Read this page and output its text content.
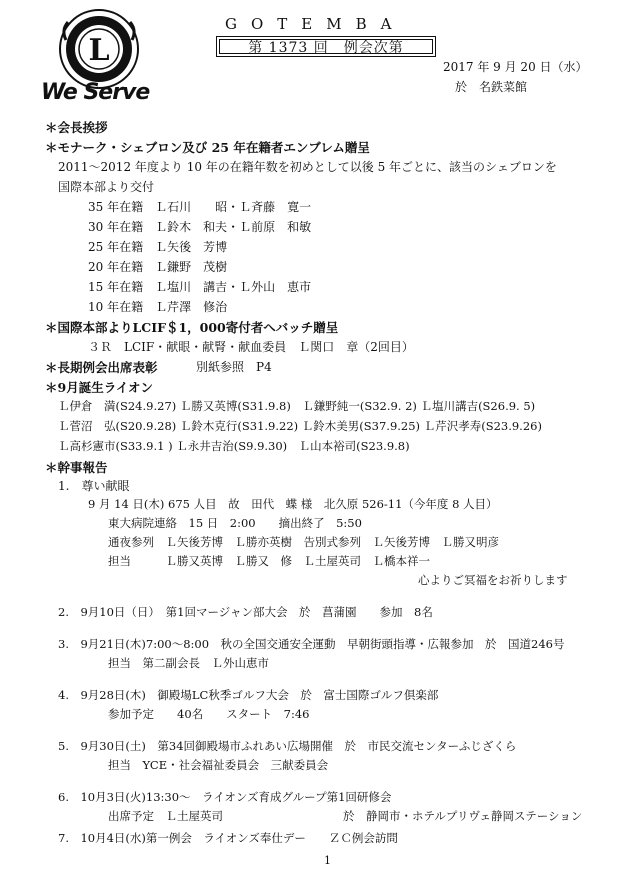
L
We Serve
GOTEMBA
第 1373 回　例会次第
2017 年 9 月 20 日（水）
於　名鉄菜館
＊会長挨拶
＊モナーク・シェブロン及び 25 年在籍者エンブレム贈呈
2011～2012 年度より 10 年の在籍年数を初めとして以後 5 年ごとに、該当のシェブロンを
国際本部より交付
35 年在籍　Ｌ石川　　昭・Ｌ斉藤　寛一
30 年在籍　Ｌ鈴木　和夫・Ｌ前原　和敏
25 年在籍　Ｌ矢後　芳博
20 年在籍　Ｌ鎌野　茂樹
15 年在籍　Ｌ塩川　講吉・Ｌ外山　恵市
10 年在籍　Ｌ芹澤　修治
＊国際本部よりLCIF＄1，000寄付者へバッチ贈呈
３Ｒ　LCIF・献眼・献腎・献血委員　Ｌ関口　章（2回目）
＊長期例会出席表彰	別紙参照　P4
＊9月誕生ライオン
Ｌ伊倉　満(S24.9.27) Ｌ勝又英博(S31.9.8)　Ｌ鎌野純一(S32.9. 2) Ｌ塩川講吉(S26.9. 5)
Ｌ菅沼　弘(S20.9.28) Ｌ鈴木克行(S31.9.22) Ｌ鈴木美男(S37.9.25) Ｌ芹沢孝寿(S23.9.26)
Ｌ高杉憲市(S33.9.1 ) Ｌ永井吉治(S9.9.30)　Ｌ山本裕司(S23.9.8)
＊幹事報告
1.　尊い献眼
9 月 14 日(木) 675 人目　故　田代　蝶 様　北久原 526-11（今年度 8 人目）
東大病院連絡　15 日　2:00　　摘出終了　5:50
通夜参列　Ｌ矢後芳博　Ｌ勝亦英樹　告別式参列　Ｌ矢後芳博　Ｌ勝又明彦
担当　　　Ｌ勝又英博　Ｌ勝又　修　Ｌ土屋英司　Ｌ橋本祥一
心よりご冥福をお祈りします
2.　9月10日（日）　第1回マージャン部大会　於　菖蒲園　　参加　8名
3.　9月21日(木)7:00～8:00　秋の全国交通安全運動　早朝街頭指導・広報参加　於　国道246号
担当　第二副会長　Ｌ外山恵市
4.　9月28日(木)　御殿場LC秋季ゴルフ大会　於　富士国際ゴルフ倶楽部
参加予定　　40名　　スタート　7:46
5.　9月30日(土)　第34回御殿場市ふれあい広場開催　於　市民交流センターふじざくら
担当　YCE・社会福祉委員会　三献委員会
6.　10月3日(火)13:30～　ライオンズ育成グループ第1回研修会
出席予定　Ｌ土屋英司	於　静岡市・ホテルプリヴェ静岡ステーション
7.　10月4日(水)第一例会　ライオンズ奉仕デー　　ＺＣ例会訪問
1
